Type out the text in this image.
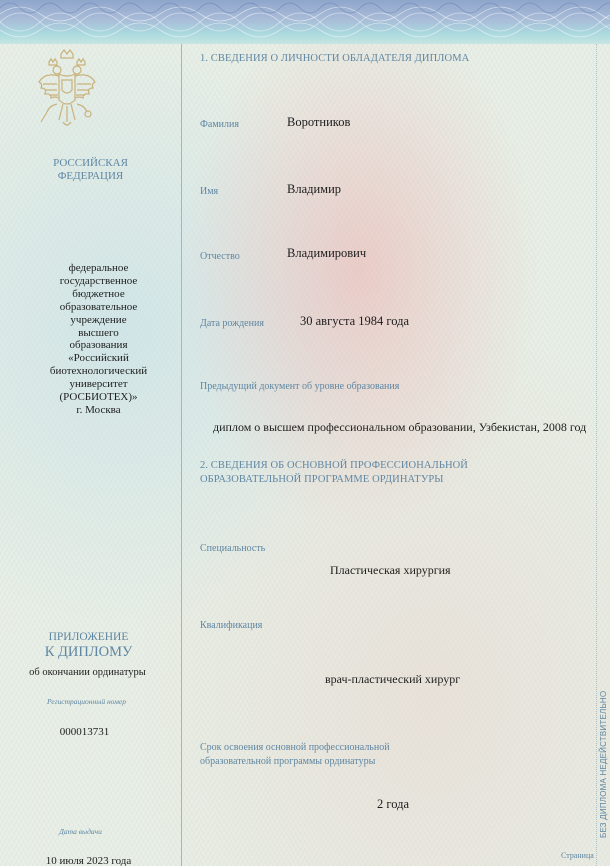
РОССИЙСКАЯ
ФЕДЕРАЦИЯ
федеральное
государственное
бюджетное
образовательное
учреждение
высшего
образования
«Российский
биотехнологический
университет
(РОСБИОТЕХ)»
г. Москва
ПРИЛОЖЕНИЕ
К ДИПЛОМУ
об окончании ординатуры
Регистрационный номер
000013731
Дата выдачи
10 июля 2023 года
1. СВЕДЕНИЯ О ЛИЧНОСТИ ОБЛАДАТЕЛЯ ДИПЛОМА
Фамилия	Воротников
Имя	Владимир
Отчество	Владимирович
Дата рождения	30 августа 1984 года
Предыдущий документ об уровне образования
диплом о высшем профессиональном образовании, Узбекистан, 2008 год
2. СВЕДЕНИЯ ОБ ОСНОВНОЙ ПРОФЕССИОНАЛЬНОЙ
ОБРАЗОВАТЕЛЬНОЙ ПРОГРАММЕ ОРДИНАТУРЫ
Специальность
Пластическая хирургия
Квалификация
врач-пластический хирург
Срок освоения основной профессиональной
образовательной программы ординатуры
2 года
Страница
БЕЗ ДИПЛОМА НЕДЕЙСТВИТЕЛЬНО
